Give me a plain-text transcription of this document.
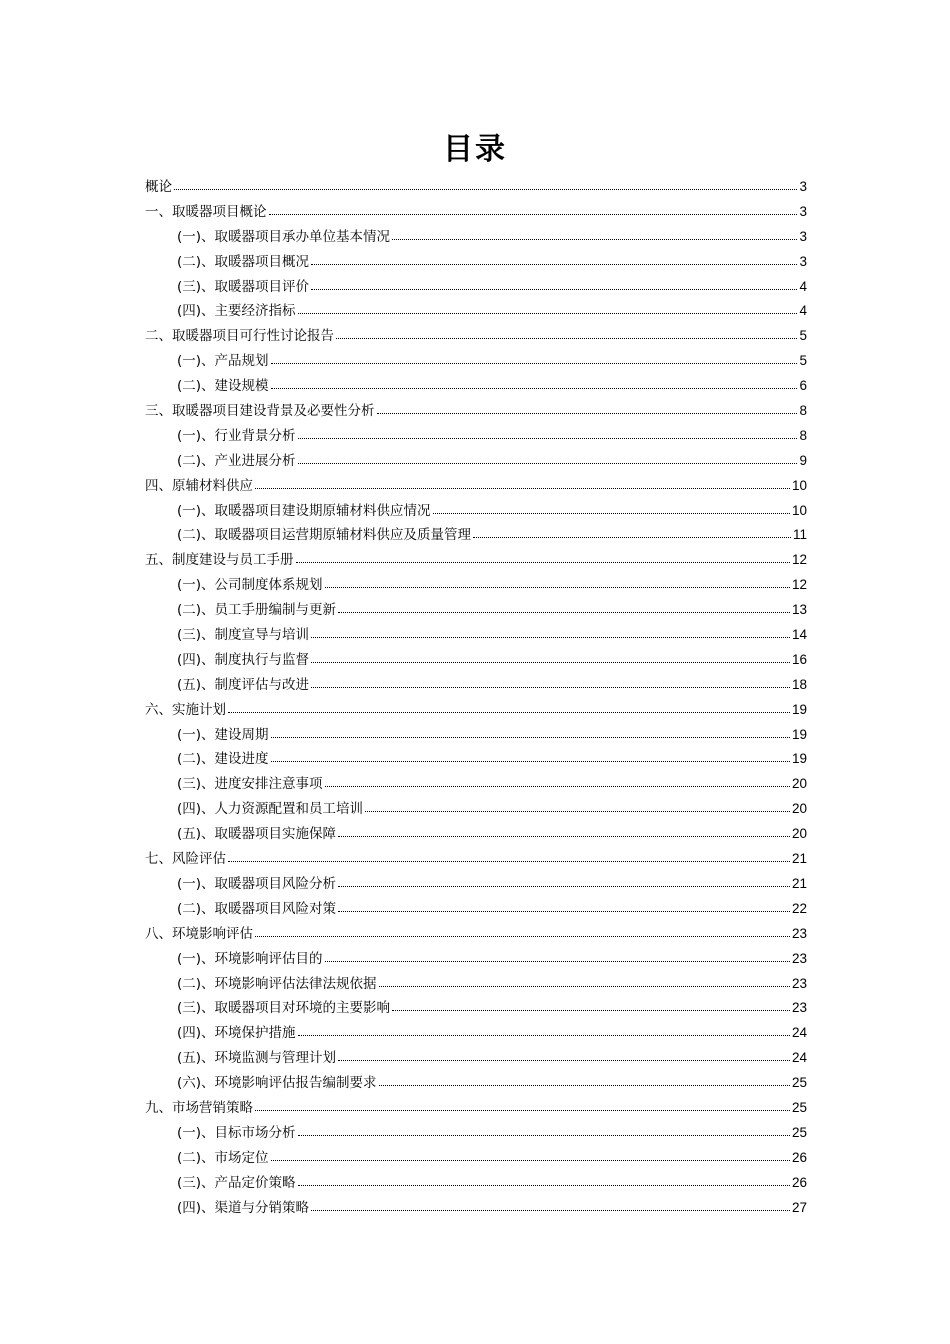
目录
概论	3
一、取暖器项目概论	3
(一)、取暖器项目承办单位基本情况	3
(二)、取暖器项目概况	3
(三)、取暖器项目评价	4
(四)、主要经济指标	4
二、取暖器项目可行性讨论报告	5
(一)、产品规划	5
(二)、建设规模	6
三、取暖器项目建设背景及必要性分析	8
(一)、行业背景分析	8
(二)、产业进展分析	9
四、原辅材料供应	10
(一)、取暖器项目建设期原辅材料供应情况	10
(二)、取暖器项目运营期原辅材料供应及质量管理	11
五、制度建设与员工手册	12
(一)、公司制度体系规划	12
(二)、员工手册编制与更新	13
(三)、制度宣导与培训	14
(四)、制度执行与监督	16
(五)、制度评估与改进	18
六、实施计划	19
(一)、建设周期	19
(二)、建设进度	19
(三)、进度安排注意事项	20
(四)、人力资源配置和员工培训	20
(五)、取暖器项目实施保障	20
七、风险评估	21
(一)、取暖器项目风险分析	21
(二)、取暖器项目风险对策	22
八、环境影响评估	23
(一)、环境影响评估目的	23
(二)、环境影响评估法律法规依据	23
(三)、取暖器项目对环境的主要影响	23
(四)、环境保护措施	24
(五)、环境监测与管理计划	24
(六)、环境影响评估报告编制要求	25
九、市场营销策略	25
(一)、目标市场分析	25
(二)、市场定位	26
(三)、产品定价策略	26
(四)、渠道与分销策略	27
